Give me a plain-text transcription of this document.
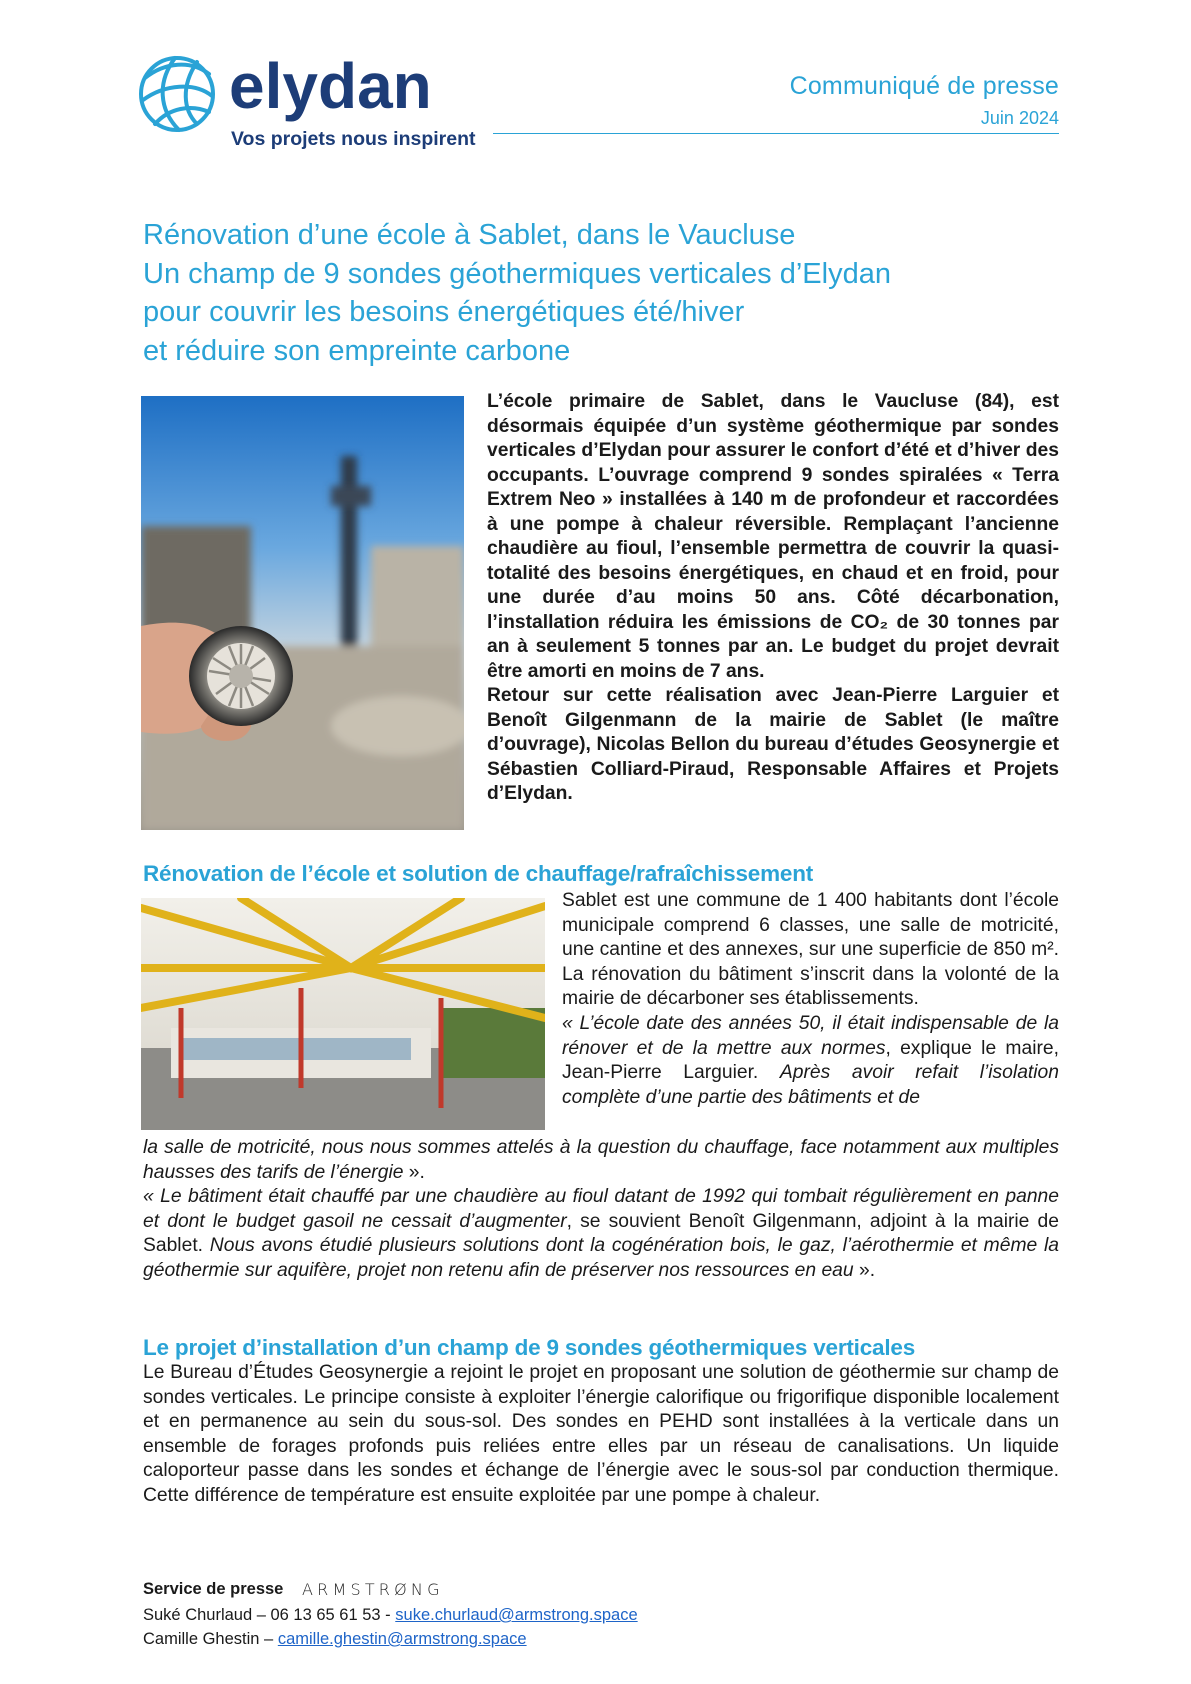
elydan
Vos projets nous inspirent
Communiqué de presse
Juin 2024
Rénovation d’une école à Sablet, dans le Vaucluse
Un champ de 9 sondes géothermiques verticales d’Elydan
pour couvrir les besoins énergétiques été/hiver
et réduire son empreinte carbone

L’école primaire de Sablet, dans le Vaucluse (84), est désormais équipée d’un système géothermique par sondes verticales d’Elydan pour assurer le confort d’été et d’hiver des occupants. L’ouvrage comprend 9 sondes spiralées « Terra Extrem Neo » installées à 140 m de profondeur et raccordées à une pompe à chaleur réversible. Remplaçant l’ancienne chaudière au fioul, l’ensemble permettra de couvrir la quasi-totalité des besoins énergétiques, en chaud et en froid, pour une durée d’au moins 50 ans. Côté décarbonation, l’installation réduira les émissions de CO₂ de 30 tonnes par an à seulement 5 tonnes par an. Le budget du projet devrait être amorti en moins de 7 ans.

Retour sur cette réalisation avec Jean-Pierre Larguier et Benoît Gilgenmann de la mairie de Sablet (le maître d’ouvrage), Nicolas Bellon du bureau d’études Geosynergie et Sébastien Colliard-Piraud, Responsable Affaires et Projets d’Elydan.

Rénovation de l’école et solution de chauffage/rafraîchissement

Sablet est une commune de 1 400 habitants dont l’école municipale comprend 6 classes, une salle de motricité, une cantine et des annexes, sur une superficie de 850 m². La rénovation du bâtiment s’inscrit dans la volonté de la mairie de décarboner ses établissements.

« L’école date des années 50, il était indispensable de la rénover et de la mettre aux normes, explique le maire, Jean-Pierre Larguier. Après avoir refait l’isolation complète d’une partie des bâtiments et de

la salle de motricité, nous nous sommes attelés à la question du chauffage, face notamment aux multiples hausses des tarifs de l’énergie ».

« Le bâtiment était chauffé par une chaudière au fioul datant de 1992 qui tombait régulièrement en panne et dont le budget gasoil ne cessait d’augmenter, se souvient Benoît Gilgenmann, adjoint à la mairie de Sablet. Nous avons étudié plusieurs solutions dont la cogénération bois, le gaz, l’aérothermie et même la géothermie sur aquifère, projet non retenu afin de préserver nos ressources en eau ».

Le projet d’installation d’un champ de 9 sondes géothermiques verticales

Le Bureau d’Études Geosynergie a rejoint le projet en proposant une solution de géothermie sur champ de sondes verticales. Le principe consiste à exploiter l’énergie calorifique ou frigorifique disponible localement et en permanence au sein du sous-sol. Des sondes en PEHD sont installées à la verticale dans un ensemble de forages profonds puis reliées entre elles par un réseau de canalisations. Un liquide caloporteur passe dans les sondes et échange de l’énergie avec le sous-sol par conduction thermique. Cette différence de température est ensuite exploitée par une pompe à chaleur.

Service de presse ARMSTRØNG
Suké Churlaud – 06 13 65 61 53 - suke.churlaud@armstrong.space
Camille Ghestin – camille.ghestin@armstrong.space
